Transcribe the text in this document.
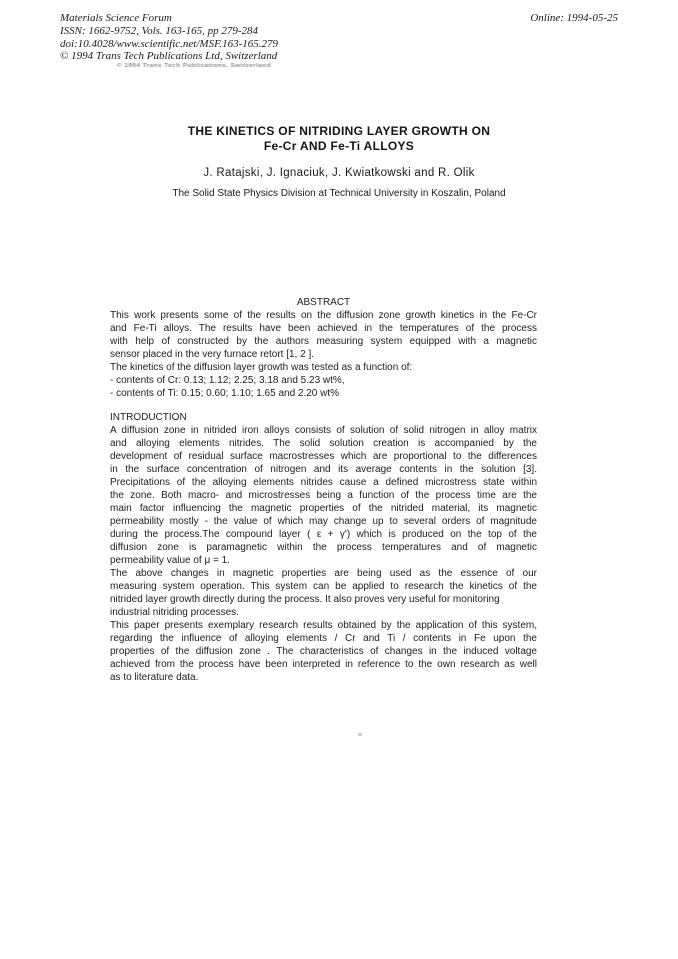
Materials Science Forum
ISSN: 1662-9752, Vols. 163-165, pp 279-284
doi:10.4028/www.scientific.net/MSF.163-165.279
© 1994 Trans Tech Publications Ltd, Switzerland
© 1994 Trans Tech Publications, Switzerland
Online: 1994-05-25
THE KINETICS OF NITRIDING LAYER GROWTH ON
Fe-Cr AND Fe-Ti ALLOYS
J. Ratajski, J. Ignaciuk, J. Kwiatkowski and R. Olik
The Solid State Physics Division at Technical University in Koszalin, Poland
ABSTRACT
This work presents some of the results on the diffusion zone growth kinetics in the Fe-Cr
and Fe-Ti alloys. The results have been achieved in the temperatures of the process
with help of constructed by the authors measuring system equipped with a magnetic
sensor placed in the very furnace retort [1, 2 ].
The kinetics of the diffusion layer growth was tested as a function of:
- contents of Cr: 0.13; 1.12; 2.25; 3.18 and 5.23 wt%,
- contents of Ti: 0.15; 0.60; 1.10; 1.65 and 2.20 wt%
INTRODUCTION
A diffusion zone in nitrided iron alloys consists of solution of solid nitrogen in alloy matrix
and alloying elements nitrides. The solid solution creation is accompanied by the
development of residual surface macrostresses which are proportional to the differences
in the surface concentration of nitrogen and its average contents in the solution [3].
Precipitations of the alloying elements nitrides cause a defined microstress state within
the zone. Both macro- and microstresses being a function of the process time are the
main factor influencing the magnetic properties of the nitrided material, its magnetic
permeability mostly - the value of which may change up to several orders of magnitude
during the process.The compound layer ( ε + γ') which is produced on the top of the
diffusion zone is paramagnetic within the process temperatures and of magnetic
permeability value of μ = 1.
The above changes in magnetic properties are being used as the essence of our
measuring system operation. This system can be applied to research the kinetics of the
nitrided layer growth directly during the process. It also proves very useful for monitoring
industrial nitriding processes.
This paper presents exemplary research results obtained by the application of this system,
regarding the influence of alloying elements / Cr and Ti / contents in Fe upon the
properties of the diffusion zone . The characteristics of changes in the induced voltage
achieved from the process have been interpreted in reference to the own research as well
as to literature data.
